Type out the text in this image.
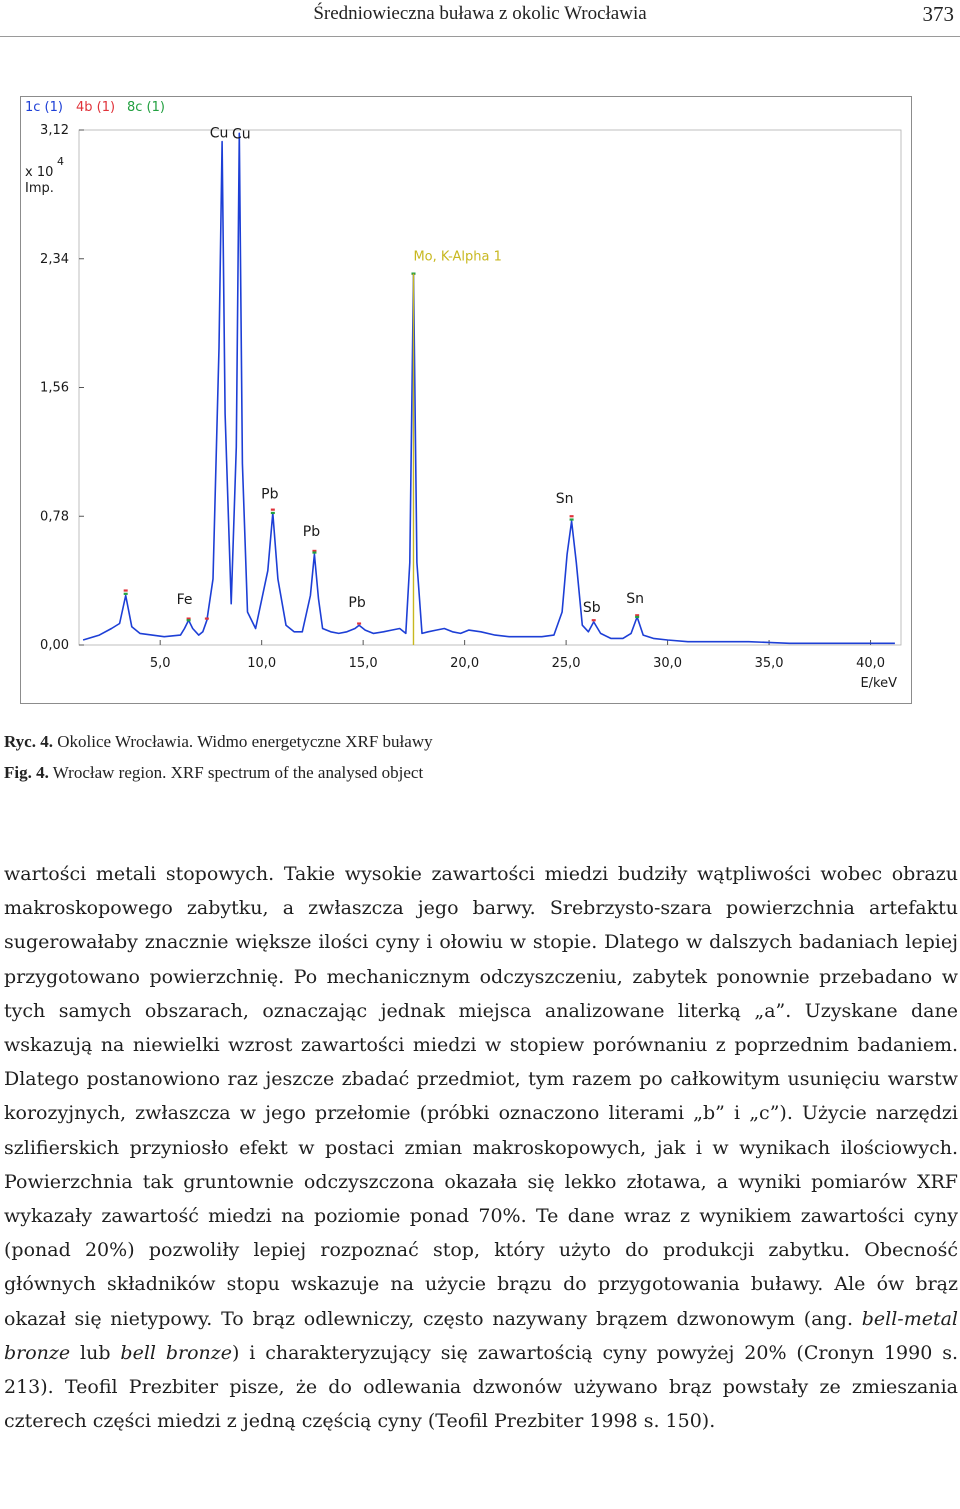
Średniowieczna buława z okolic Wrocławia	373
1c (1) 4b (1) 8c (1)
0,00
0,78
1,56
2,34
3,12
x 10
4
Imp.
5,0	10,0	15,0	20,0	25,0	30,0	35,0	40,0
E/keV
Fe
Cu Cu
Pb
Pb
Pb
Mo, K-Alpha 1
Sn
Sb
Sn
Ryc. 4. Okolice Wrocławia. Widmo energetyczne XRF buławy
Fig. 4. Wrocław region. XRF spectrum of the analysed object

wartości metali stopowych. Takie wysokie zawartości miedzi budziły wątpliwości wobec obrazu makroskopowego zabytku, a zwłaszcza jego barwy. Srebrzysto-szara powierzchnia artefaktu sugerowałaby znacznie większe ilości cyny i ołowiu w stopie. Dlatego w dalszych badaniach lepiej przygotowano powierzchnię. Po mechanicznym odczyszczeniu, zabytek ponownie przebadano w tych samych obszarach, oznaczając jednak miejsca analizowane literką „a”. Uzyskane dane wskazują na niewielki wzrost zawartości miedzi w stopiew porównaniu z poprzednim badaniem. Dlatego postanowiono raz jeszcze zbadać przedmiot, tym razem po całkowitym usunięciu warstw korozyjnych, zwłaszcza w jego przełomie (próbki oznaczono literami „b” i „c”). Użycie narzędzi szlifierskich przyniosło efekt w postaci zmian makroskopowych, jak i w wynikach ilościowych. Powierzchnia tak gruntownie odczyszczona okazała się lekko złotawa, a wyniki pomiarów XRF wykazały zawartość miedzi na poziomie ponad 70%. Te dane wraz z wynikiem zawartości cyny (ponad 20%) pozwoliły lepiej rozpoznać stop, który użyto do produkcji zabytku. Obecność głównych składników stopu wskazuje na użycie brązu do przygotowania buławy. Ale ów brąz okazał się nietypowy. To brąz odlewniczy, często nazywany brązem dzwonowym (ang. bell-metal bronze lub bell bronze) i charakteryzujący się zawartością cyny powyżej 20% (Cronyn 1990 s. 213). Teofil Prezbiter pisze, że do odlewania dzwonów używano brąz powstały ze zmieszania czterech części miedzi z jedną częścią cyny (Teofil Prezbiter 1998 s. 150).
